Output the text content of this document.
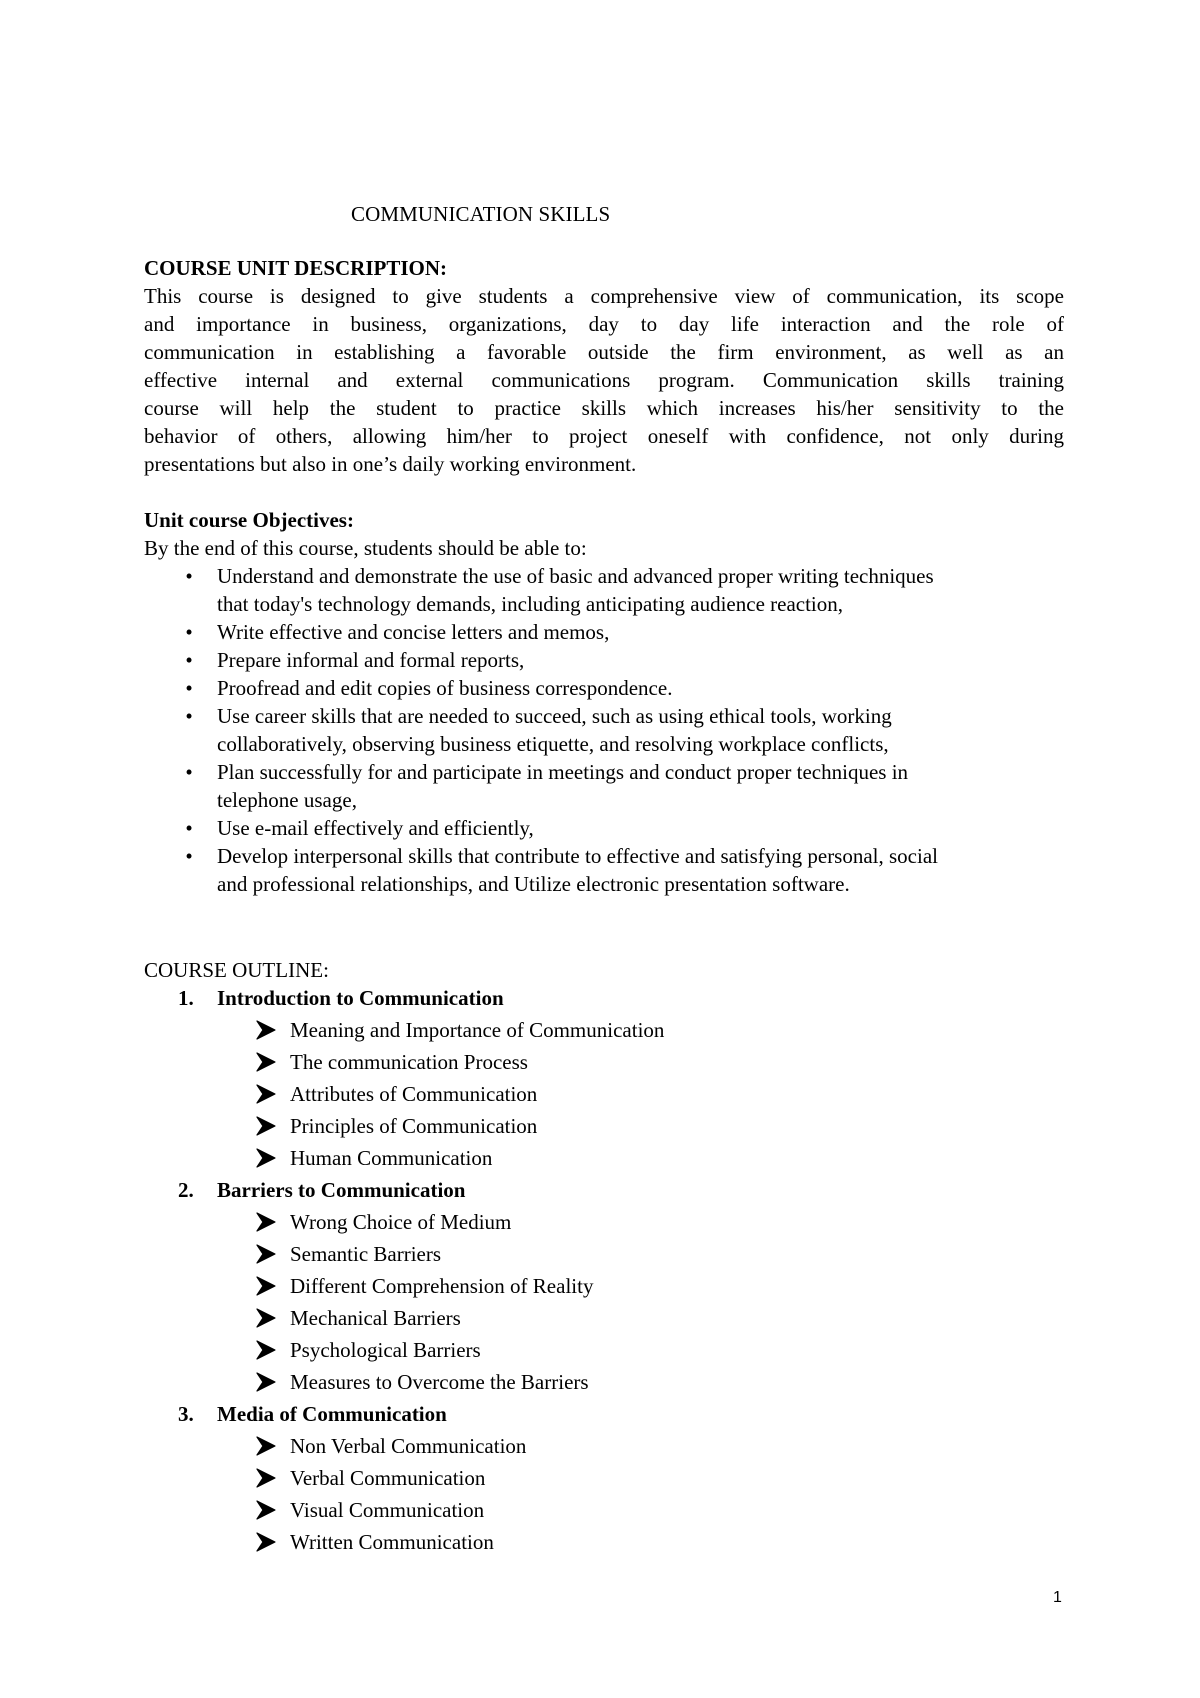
COMMUNICATION SKILLS

COURSE UNIT DESCRIPTION:

This course is designed to give students a comprehensive view of communication, its scope

and importance in business, organizations, day to day life interaction and the role of

communication in establishing a favorable outside the firm environment, as well as an

effective internal and external communications program. Communication skills training

course will help the student to practice skills which increases his/her sensitivity to the

behavior of others, allowing him/her to project oneself with confidence, not only during

presentations but also in one’s daily working environment.

Unit course Objectives:

By the end of this course, students should be able to:

• Understand and demonstrate the use of basic and advanced proper writing techniques
that today's technology demands, including anticipating audience reaction,
• Write effective and concise letters and memos,
• Prepare informal and formal reports,
• Proofread and edit copies of business correspondence.
• Use career skills that are needed to succeed, such as using ethical tools, working
collaboratively, observing business etiquette, and resolving workplace conflicts,
• Plan successfully for and participate in meetings and conduct proper techniques in
telephone usage,
• Use e-mail effectively and efficiently,
• Develop interpersonal skills that contribute to effective and satisfying personal, social
and professional relationships, and Utilize electronic presentation software.

COURSE OUTLINE:

1. Introduction to Communication
Meaning and Importance of Communication
The communication Process
Attributes of Communication
Principles of Communication
Human Communication
2. Barriers to Communication
Wrong Choice of Medium
Semantic Barriers
Different Comprehension of Reality
Mechanical Barriers
Psychological Barriers
Measures to Overcome the Barriers
3. Media of Communication
Non Verbal Communication
Verbal Communication
Visual Communication
Written Communication
1
